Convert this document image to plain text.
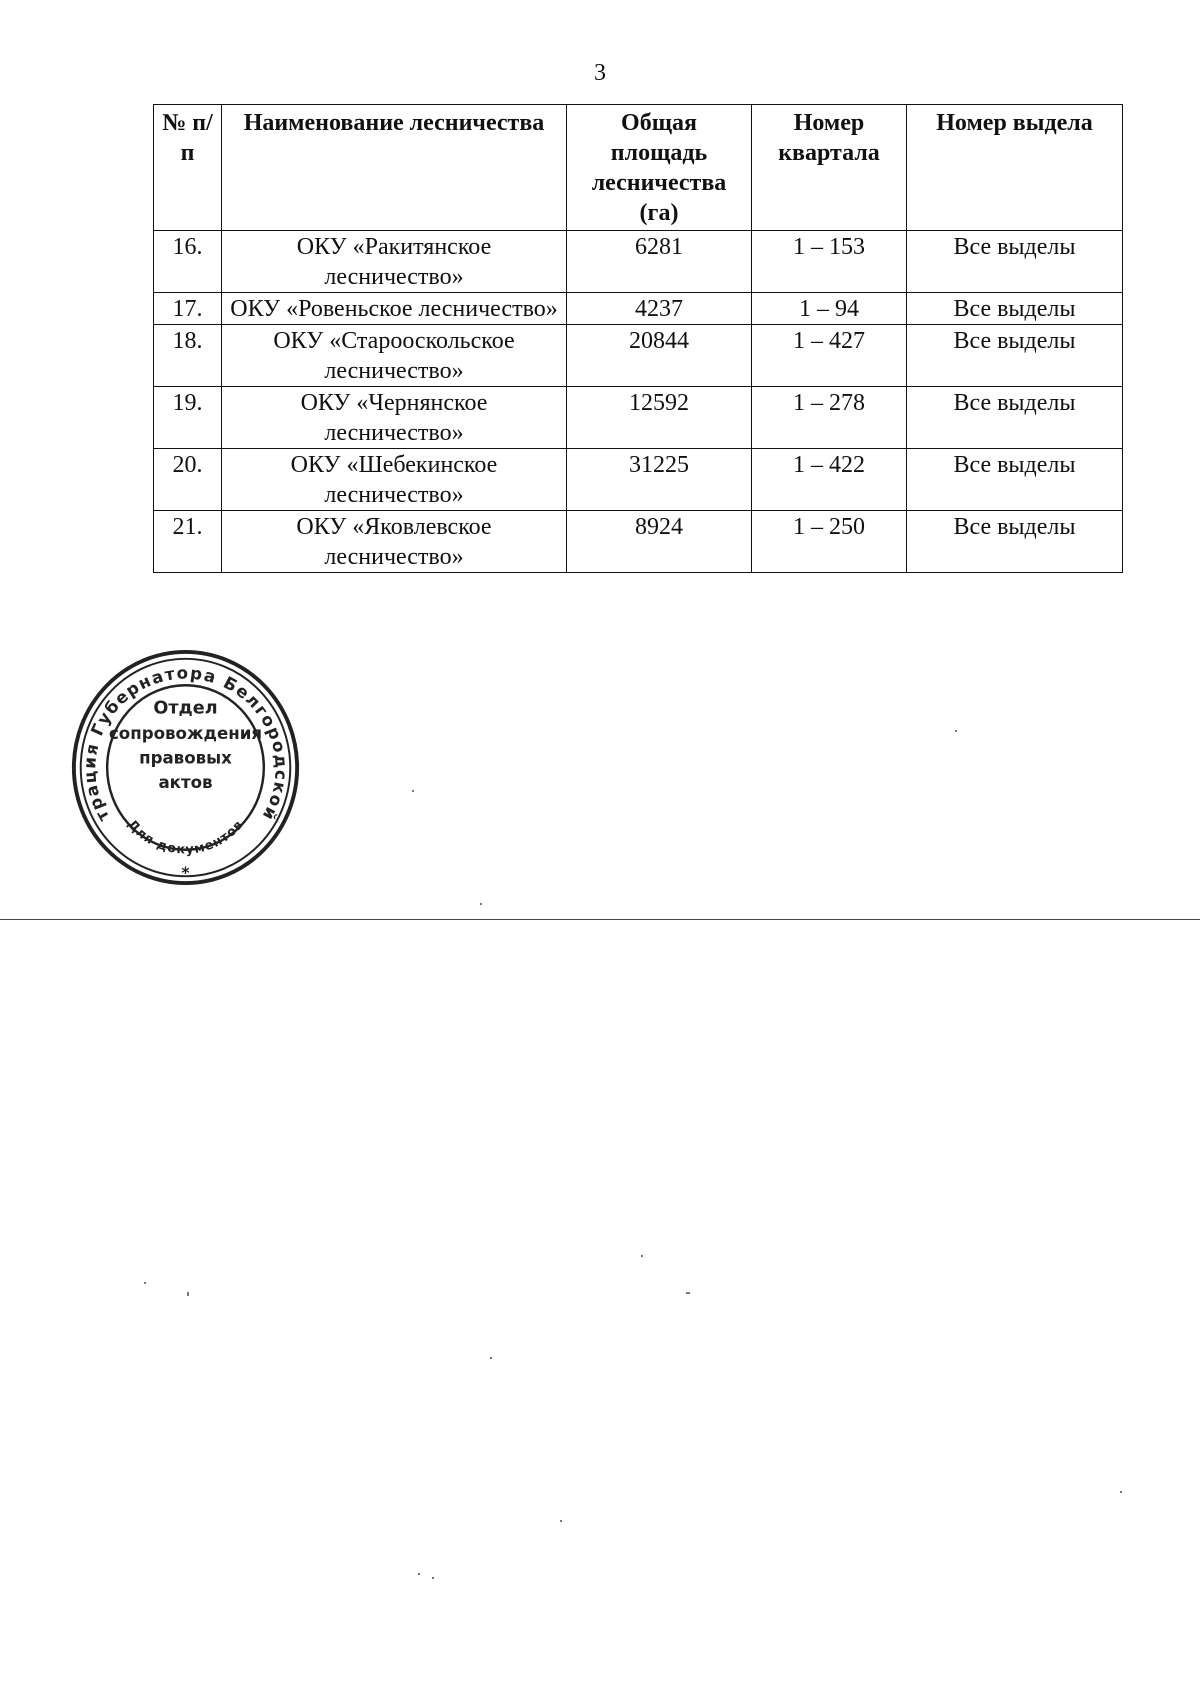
3
№ п/п	Наименование лесничества	Общая площадь лесничества (га)	Номер квартала	Номер выдела
16.	ОКУ «Ракитянское лесничество»	6281	1 – 153	Все выделы
17.	ОКУ «Ровеньское лесничество»	4237	1 – 94	Все выделы
18.	ОКУ «Старооскольское лесничество»	20844	1 – 427	Все выделы
19.	ОКУ «Чернянское лесничество»	12592	1 – 278	Все выделы
20.	ОКУ «Шебекинское лесничество»	31225	1 – 422	Все выделы
21.	ОКУ «Яковлевское лесничество»	8924	1 – 250	Все выделы
трация Губернатора Белгородской
Отдел
сопровождения
правовых
актов
Для документов
*
